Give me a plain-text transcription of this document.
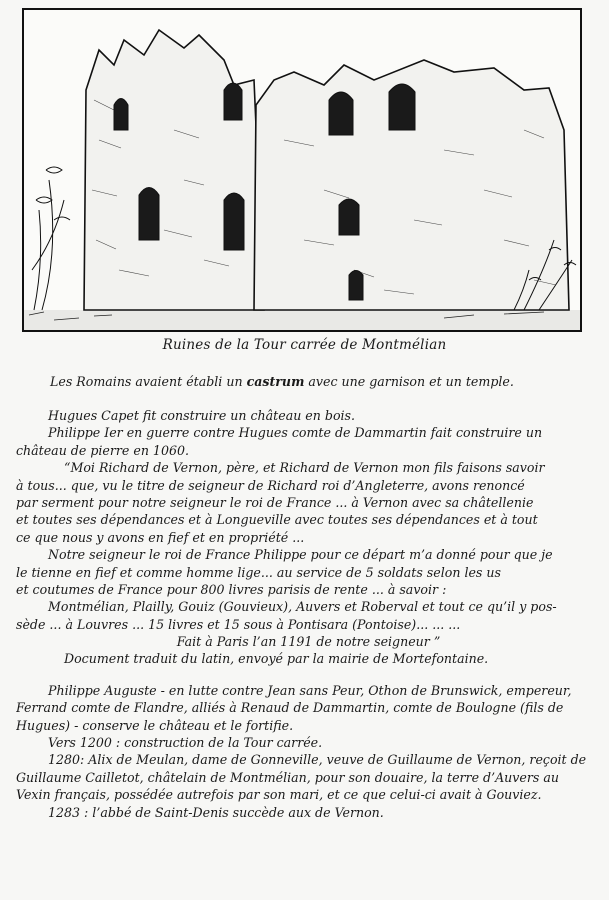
Ruines de la Tour carrée de Montmélian
Les Romains avaient établi un castrum avec une garnison et un temple.
Hugues Capet fit construire un château en bois.
Philippe Ier en guerre contre Hugues comte de Dammartin fait construire un
château de pierre en 1060.
“Moi Richard de Vernon, père, et Richard de Vernon mon fils faisons savoir
à tous... que, vu le titre de seigneur de Richard roi d’Angleterre, avons renoncé
par serment pour notre seigneur le roi de France ... à Vernon avec sa châtellenie
et toutes ses dépendances et à Longueville avec toutes ses dépendances et à tout
ce que nous y avons en fief et en propriété ...
Notre seigneur le roi de France Philippe pour ce départ m’a donné pour que je
le tienne en fief et comme homme lige... au service de 5 soldats selon les us
et coutumes de France pour 800 livres parisis de rente ... à savoir :
Montmélian, Plailly, Gouiz (Gouvieux), Auvers et Roberval et tout ce qu’il y pos-
sède ... à Louvres ... 15 livres et 15 sous à Pontisara (Pontoise)... ... ...
Fait à Paris l’an 1191 de notre seigneur ”
Document traduit du latin, envoyé par la mairie de Mortefontaine.
Philippe Auguste - en lutte contre Jean sans Peur, Othon de Brunswick, empereur,
Ferrand comte de Flandre, alliés à Renaud de Dammartin, comte de Boulogne (fils de
Hugues) - conserve le château et le fortifie.
Vers 1200 : construction de la Tour carrée.
1280: Alix de Meulan, dame de Gonneville, veuve de Guillaume de Vernon, reçoit de
Guillaume Cailletot, châtelain de Montmélian, pour son douaire, la terre d’Auvers au
Vexin français, possédée autrefois par son mari, et ce que celui-ci avait à Gouviez.
1283 : l’abbé de Saint-Denis succède aux de Vernon.
